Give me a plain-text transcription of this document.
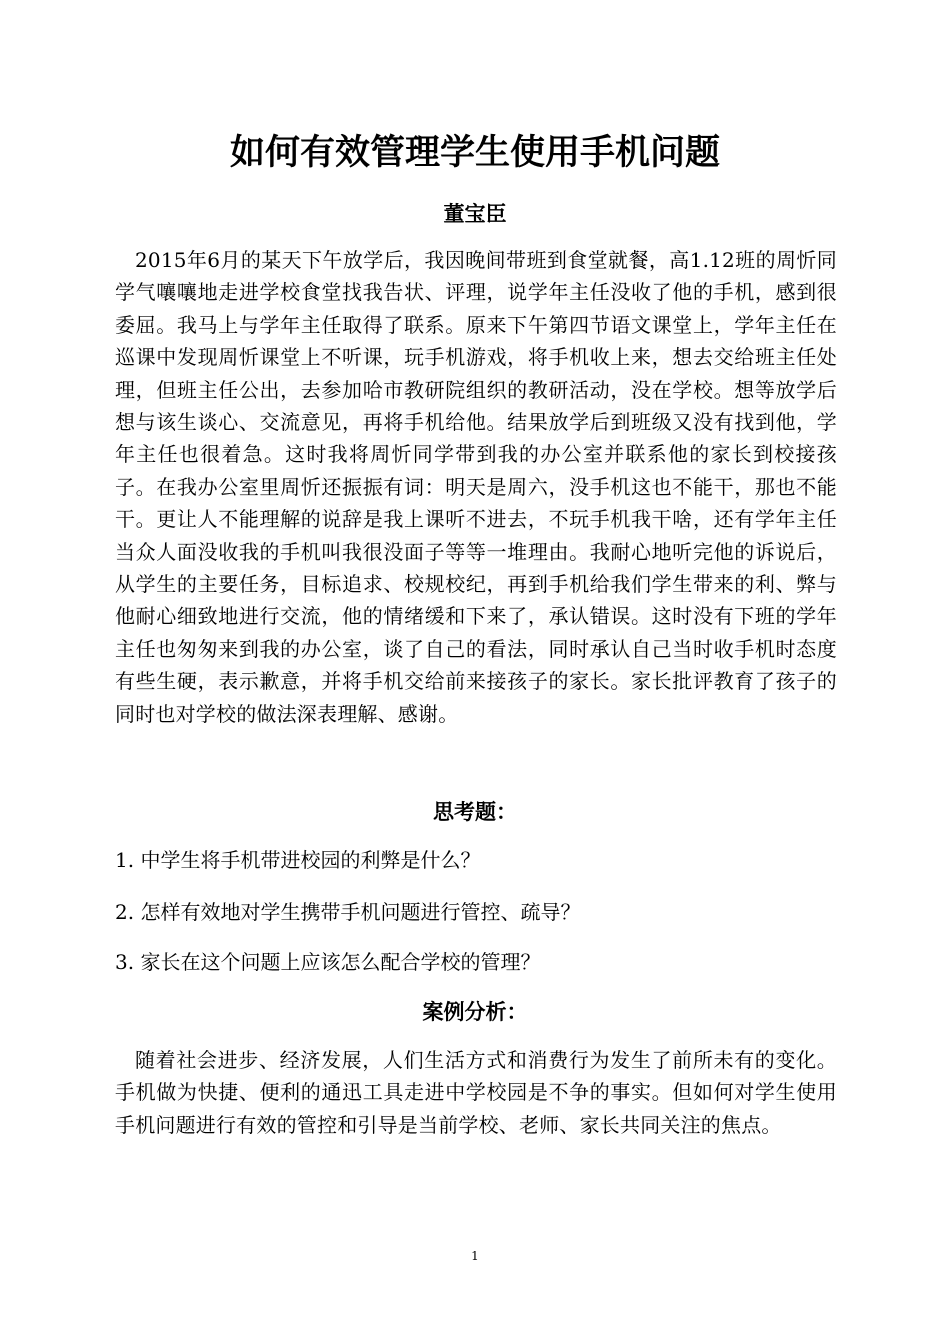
如何有效管理学生使用手机问题
董宝臣

2015年6月的某天下午放学后，我因晚间带班到食堂就餐，高1.12班的周忻同学气嚷嚷地走进学校食堂找我告状、评理，说学年主任没收了他的手机，感到很委屈。我马上与学年主任取得了联系。原来下午第四节语文课堂上，学年主任在巡课中发现周忻课堂上不听课，玩手机游戏，将手机收上来，想去交给班主任处理，但班主任公出，去参加哈市教研院组织的教研活动，没在学校。想等放学后想与该生谈心、交流意见，再将手机给他。结果放学后到班级又没有找到他，学年主任也很着急。这时我将周忻同学带到我的办公室并联系他的家长到校接孩子。在我办公室里周忻还振振有词：明天是周六，没手机这也不能干，那也不能干。更让人不能理解的说辞是我上课听不进去，不玩手机我干啥，还有学年主任当众人面没收我的手机叫我很没面子等等一堆理由。我耐心地听完他的诉说后，从学生的主要任务，目标追求、校规校纪，再到手机给我们学生带来的利、弊与他耐心细致地进行交流，他的情绪缓和下来了，承认错误。这时没有下班的学年主任也匆匆来到我的办公室，谈了自己的看法，同时承认自己当时收手机时态度有些生硬，表示歉意，并将手机交给前来接孩子的家长。家长批评教育了孩子的同时也对学校的做法深表理解、感谢。

思考题：

1. 中学生将手机带进校园的利弊是什么？

2. 怎样有效地对学生携带手机问题进行管控、疏导？

3. 家长在这个问题上应该怎么配合学校的管理？

案例分析：

随着社会进步、经济发展，人们生活方式和消费行为发生了前所未有的变化。手机做为快捷、便利的通迅工具走进中学校园是不争的事实。但如何对学生使用手机问题进行有效的管控和引导是当前学校、老师、家长共同关注的焦点。

1
